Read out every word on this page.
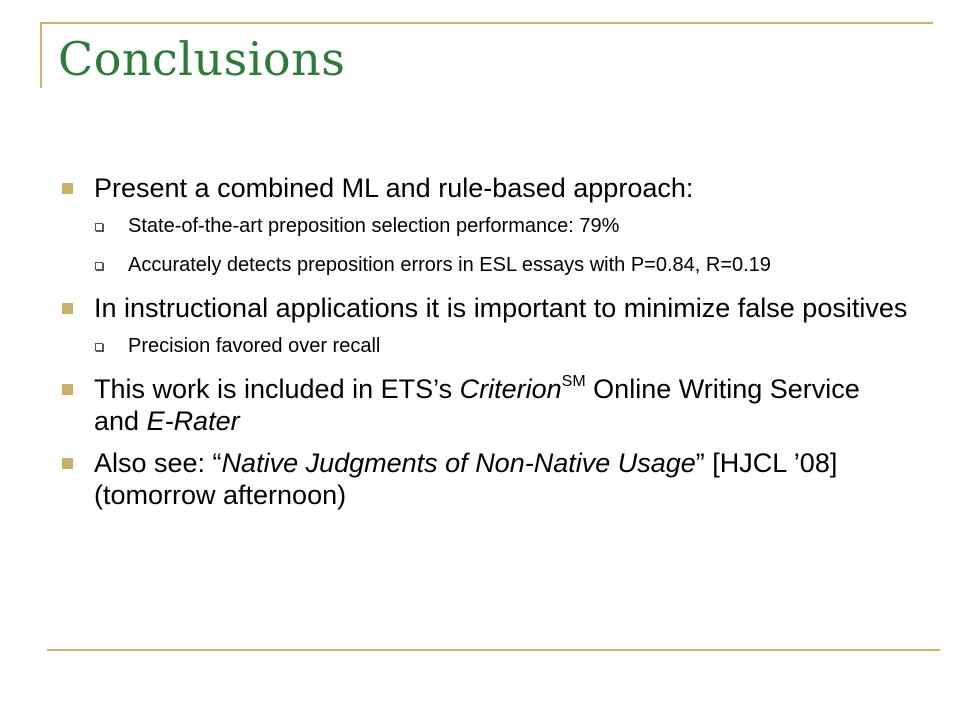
Conclusions
Present a combined ML and rule-based approach:
State-of-the-art preposition selection performance: 79%
Accurately detects preposition errors in ESL essays with P=0.84, R=0.19
In instructional applications it is important to minimize false positives
Precision favored over recall
This work is included in ETS’s Criterion℠ Online Writing Service and E-Rater
Also see: “Native Judgments of Non-Native Usage” [HJCL ’08] (tomorrow afternoon)
